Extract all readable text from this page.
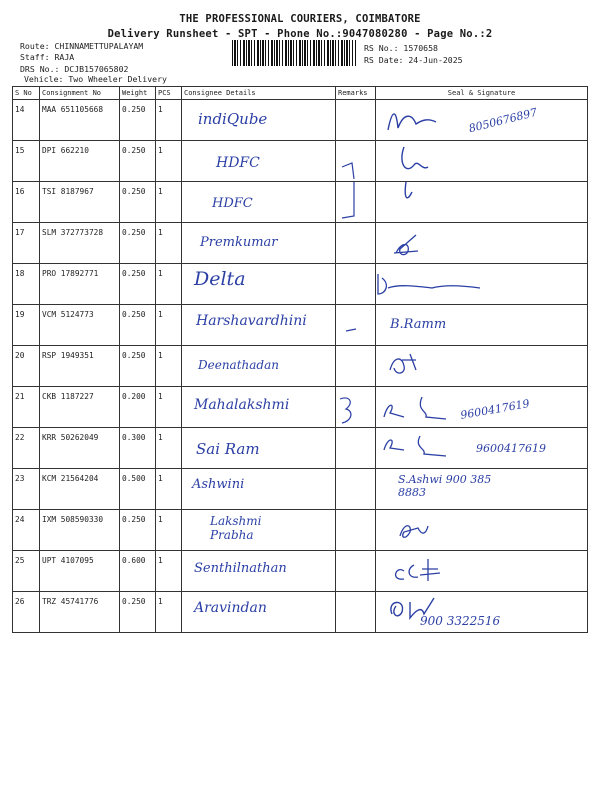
THE PROFESSIONAL COURIERS, COIMBATORE
Delivery Runsheet - SPT - Phone No.:9047080280 - Page No.:2
Route: CHINNAMETTUPALAYAM
Staff: RAJA
DRS No.: DCJB157065802
Vehicle: Two Wheeler Delivery
RS No.: 1570658
RS Date: 24-Jun-2025
S No	Consignment No	Weight	PCS	Consignee Details	Remarks	Seal & Signature
14	MAA 651105668	0.250	1	indiQube		8050676897

15	DPI 662210	0.250	1	HDFC

16	TSI 8187967	0.250	1	HDFC

17	SLM 372773728	0.250	1	Premkumar

18	PRO 17892771	0.250	1	Delta

19	VCM 5124773	0.250	1	Harshavardhini		B.Ramm

20	RSP 1949351	0.250	1	Deenathadan

21	CKB 1187227	0.200	1	Mahalakshmi		9600417619

22	KRR 50262049	0.300	1	Sai Ram		9600417619

23	KCM 21564204	0.500	1	Ashwini		S.Ashwi 900 385 8883

24	IXM 508590330	0.250	1	Lakshmi Prabha

25	UPT 4107095	0.600	1	Senthilnathan

26	TRZ 45741776	0.250	1	Aravindan		900 3322516
